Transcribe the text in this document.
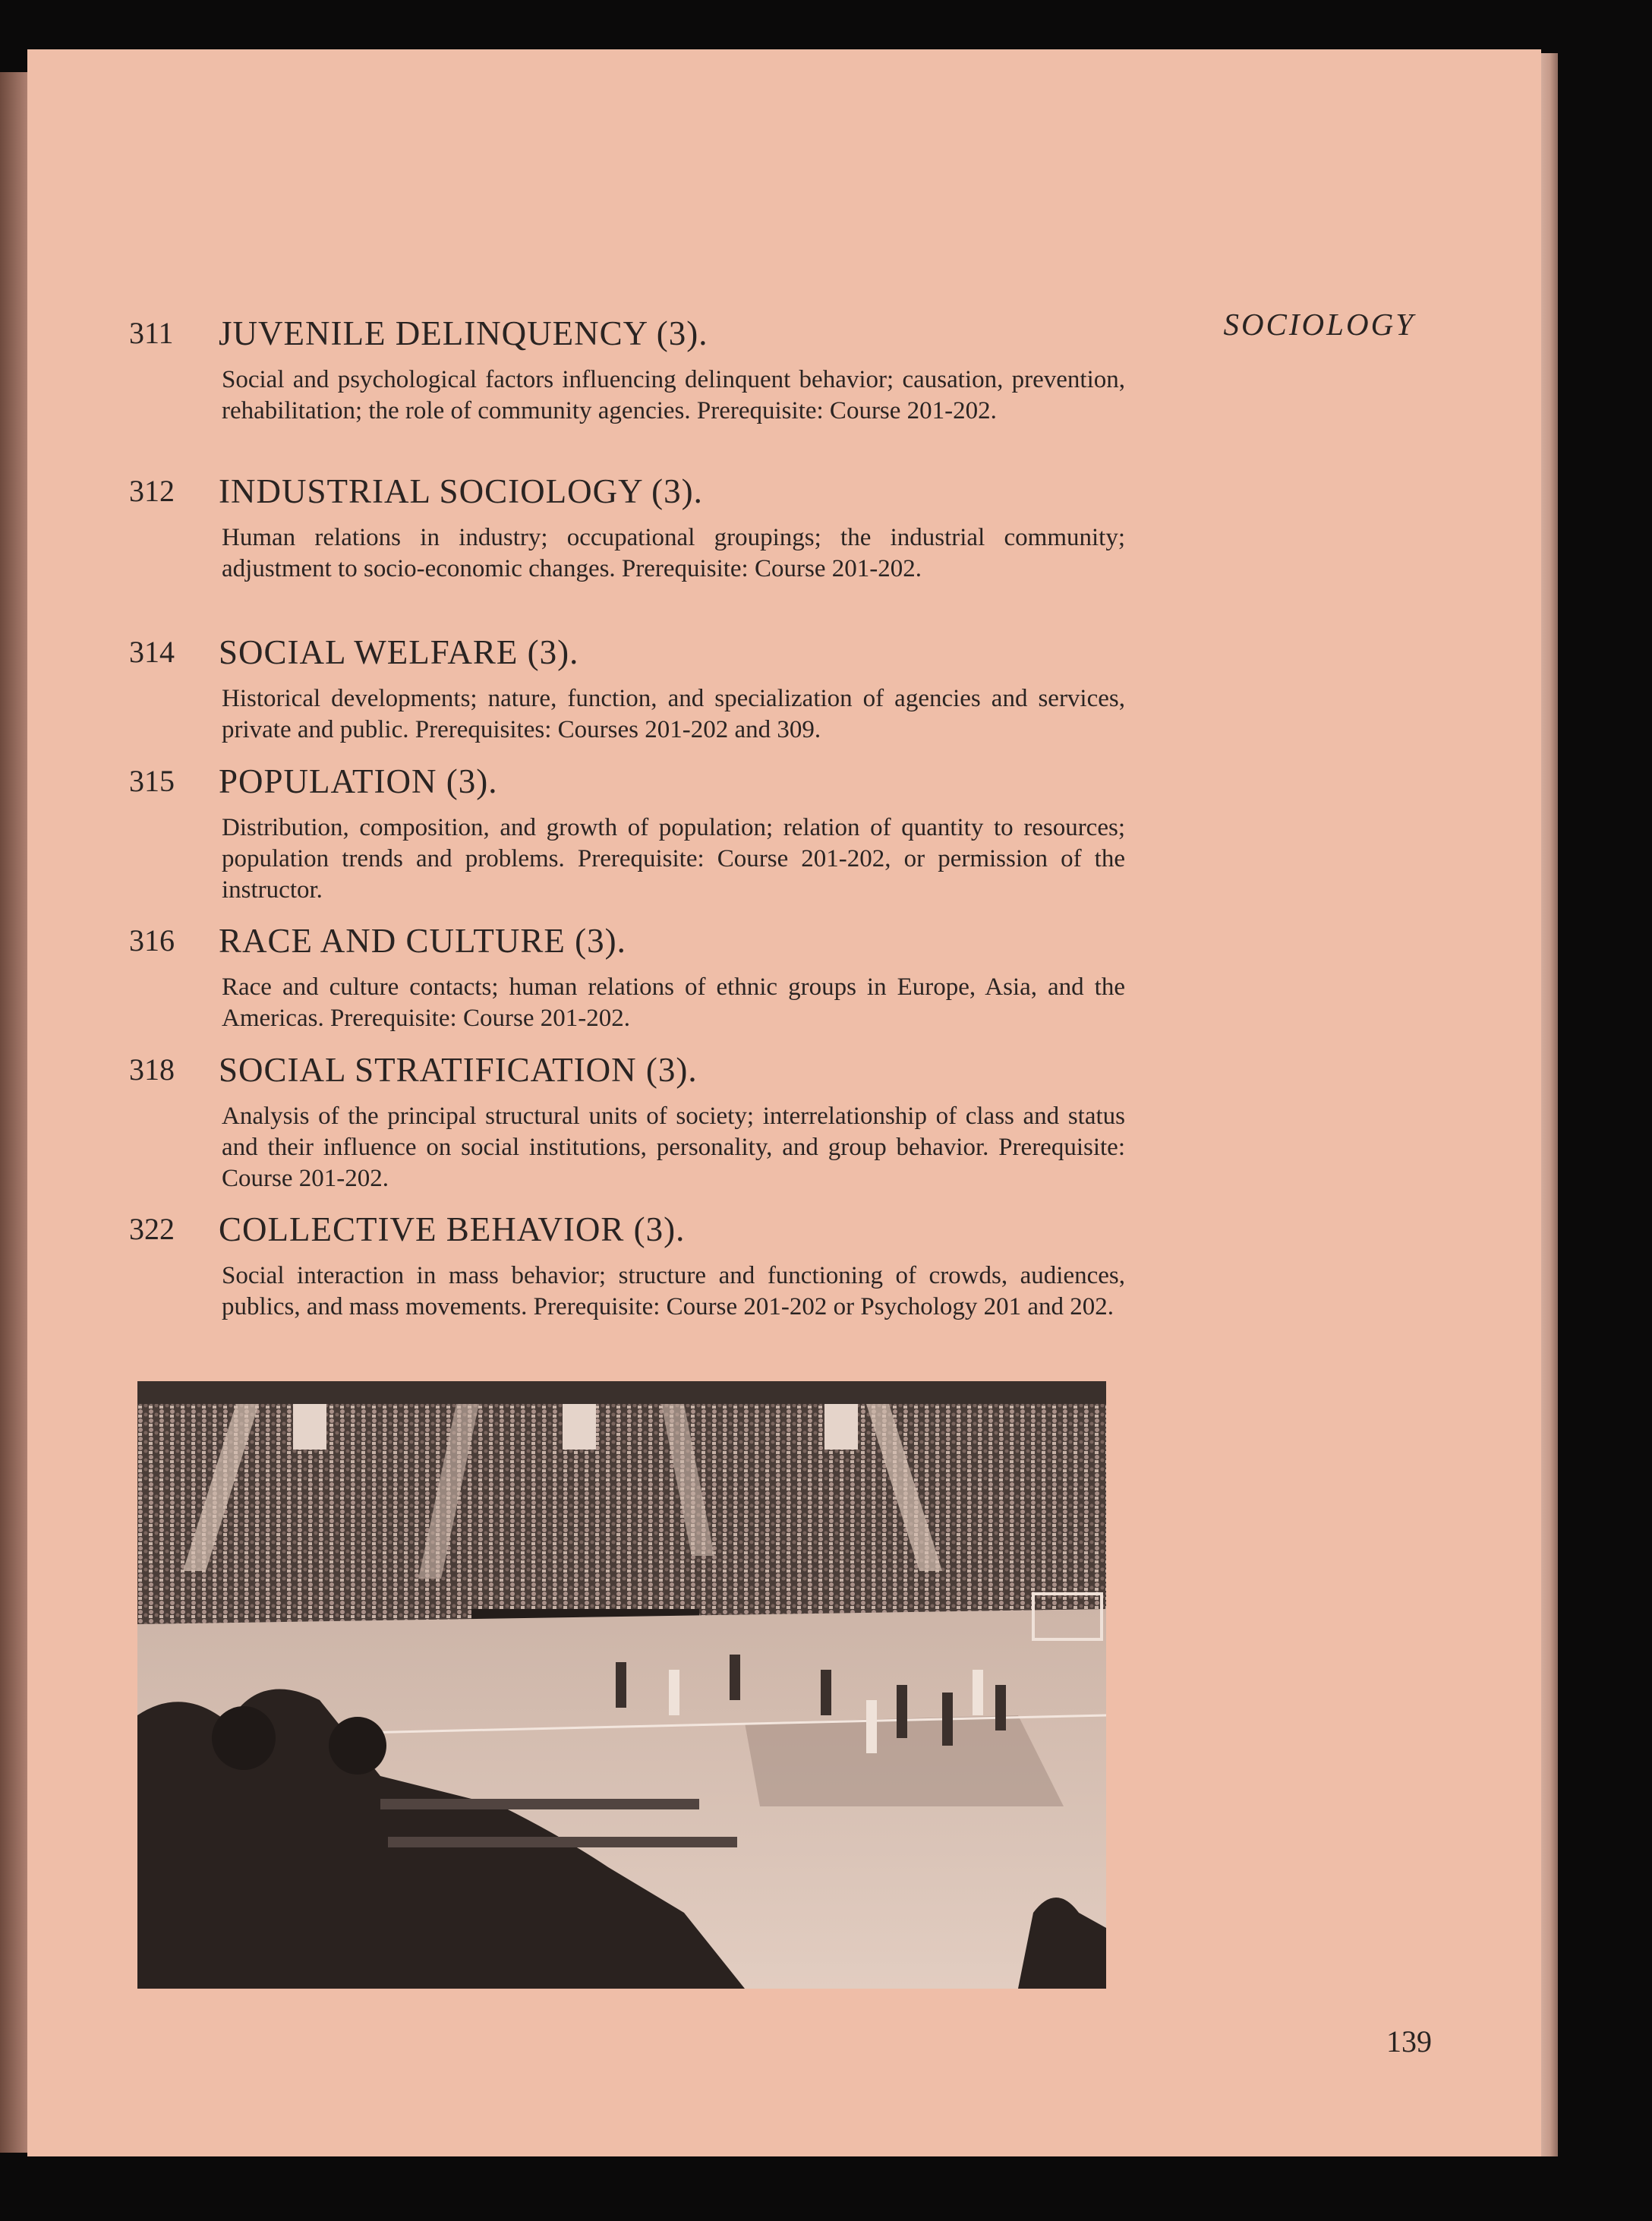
SOCIOLOGY
311	JUVENILE DELINQUENCY (3).
Social and psychological factors influencing delinquent behavior; causation, prevention, rehabilitation; the role of community agencies. Prerequisite: Course 201-202.
312	INDUSTRIAL SOCIOLOGY (3).
Human relations in industry; occupational groupings; the industrial community; adjustment to socio-economic changes. Prerequisite: Course 201-202.
314	SOCIAL WELFARE (3).
Historical developments; nature, function, and specialization of agencies and services, private and public. Prerequisites: Courses 201-202 and 309.
315	POPULATION (3).
Distribution, composition, and growth of population; relation of quantity to resources; population trends and problems. Prerequisite: Course 201-202, or permission of the instructor.
316	RACE AND CULTURE (3).
Race and culture contacts; human relations of ethnic groups in Europe, Asia, and the Americas. Prerequisite: Course 201-202.
318	SOCIAL STRATIFICATION (3).
Analysis of the principal structural units of society; interrelationship of class and status and their influence on social institutions, personality, and group behavior. Prerequisite: Course 201-202.
322	COLLECTIVE BEHAVIOR (3).
Social interaction in mass behavior; structure and functioning of crowds, audiences, publics, and mass movements. Prerequisite: Course 201-202 or Psychology 201 and 202.
139
